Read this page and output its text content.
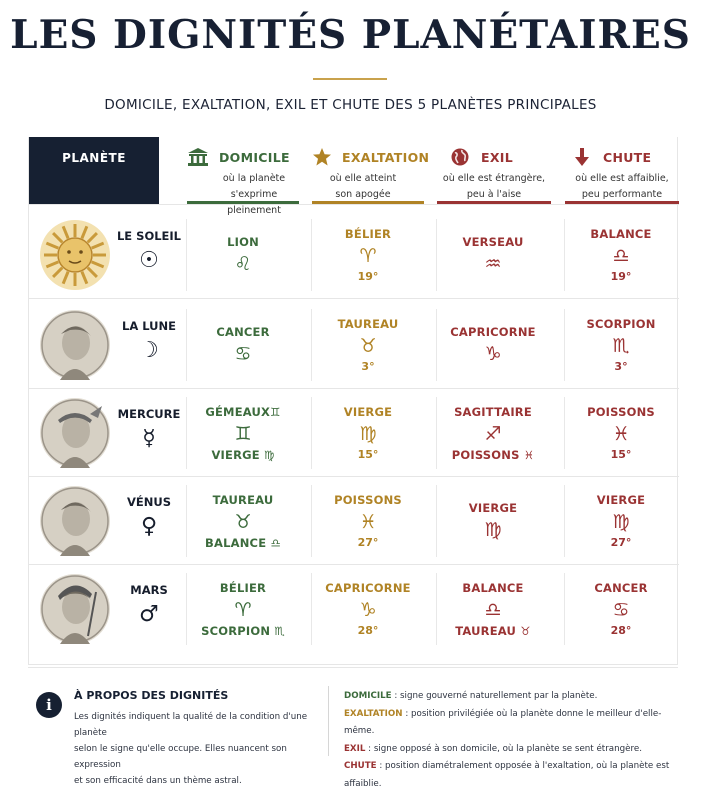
LES DIGNITÉS PLANÉTAIRES
DOMICILE, EXALTATION, EXIL ET CHUTE DES 5 PLANÈTES PRINCIPALES
PLANÈTE	DOMICILE
où la planète
s'exprime pleinement
EXALTATION
où elle atteint
son apogée
EXIL
où elle est étrangère,
peu à l'aise
CHUTE
où elle est affaiblie,
peu performante
LE SOLEIL
☉
LION
♌
BÉLIER
♈
19°
VERSEAU
♒
BALANCE
♎
19°
LA LUNE
☽
CANCER
♋
TAUREAU
♉
3°
CAPRICORNE
♑
SCORPION
♏
3°
MERCURE
☿
GÉMEAUX♊
♊
VIERGE ♍
VIERGE
♍
15°
SAGITTAIRE
♐
POISSONS ♓
POISSONS
♓
15°
VÉNUS
♀
TAUREAU
♉
BALANCE ♎
POISSONS
♓
27°
VIERGE
♍
VIERGE
♍
27°
MARS
♂
BÉLIER
♈
SCORPION ♏
CAPRICORNE
♑
28°
BALANCE
♎
TAUREAU ♉
CANCER
♋
28°
i
À PROPOS DES DIGNITÉS
Les dignités indiquent la qualité de la condition d'une planète
selon le signe qu'elle occupe. Elles nuancent son expression
et son efficacité dans un thème astral.
DOMICILE : signe gouverné naturellement par la planète.
EXALTATION : position privilégiée où la planète donne le meilleur d'elle-même.
EXIL : signe opposé à son domicile, où la planète se sent étrangère.
CHUTE : position diamétralement opposée à l'exaltation, où la planète est affaiblie.
